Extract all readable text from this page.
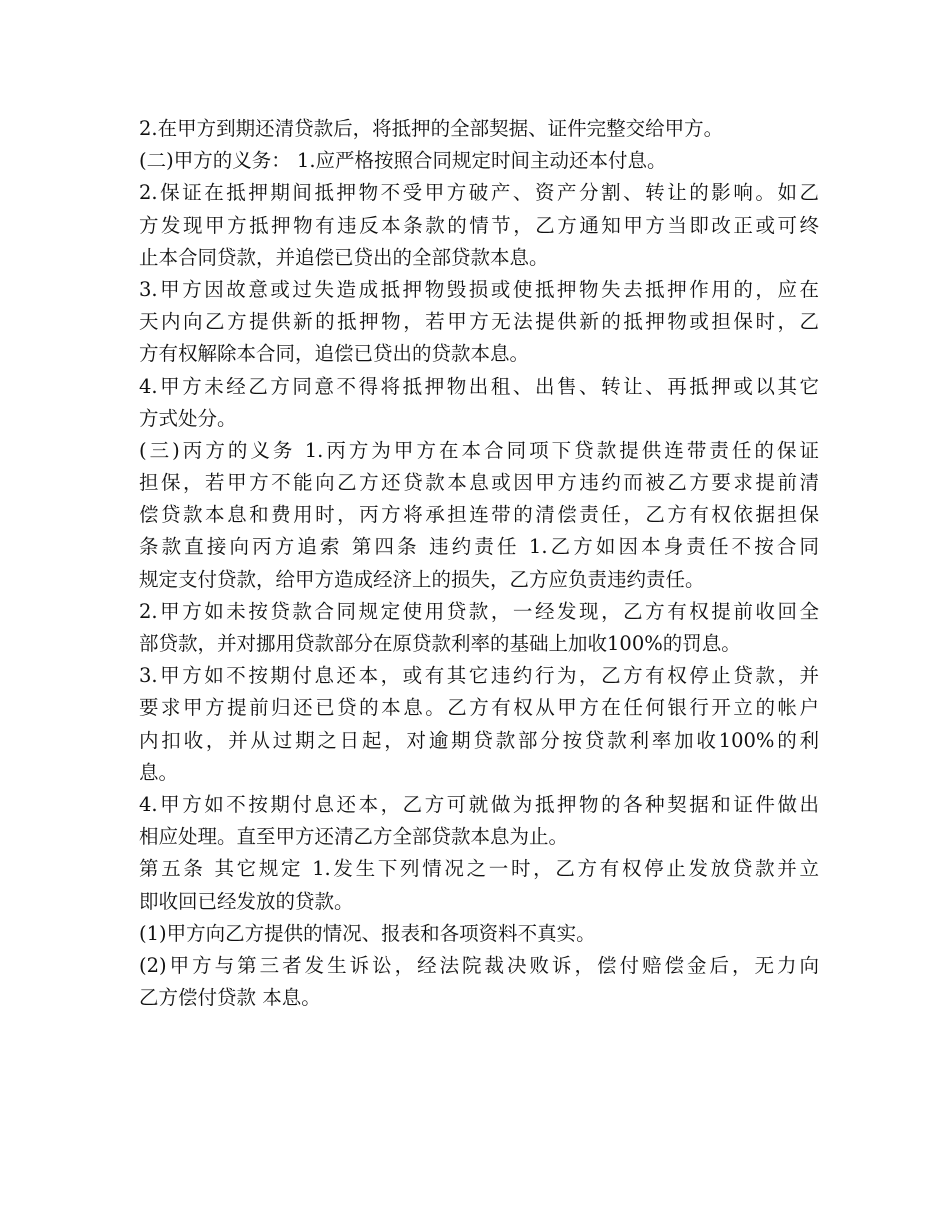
2.在甲方到期还清贷款后，将抵押的全部契据、证件完整交给甲方。
(二)甲方的义务： 1.应严格按照合同规定时间主动还本付息。
2.保证在抵押期间抵押物不受甲方破产、资产分割、转让的影响。如乙
方发现甲方抵押物有违反本条款的情节，乙方通知甲方当即改正或可终
止本合同贷款，并追偿已贷出的全部贷款本息。
3.甲方因故意或过失造成抵押物毁损或使抵押物失去抵押作用的，应在
天内向乙方提供新的抵押物，若甲方无法提供新的抵押物或担保时，乙
方有权解除本合同，追偿已贷出的贷款本息。
4.甲方未经乙方同意不得将抵押物出租、出售、转让、再抵押或以其它
方式处分。
(三)丙方的义务 1.丙方为甲方在本合同项下贷款提供连带责任的保证
担保，若甲方不能向乙方还贷款本息或因甲方违约而被乙方要求提前清
偿贷款本息和费用时，丙方将承担连带的清偿责任，乙方有权依据担保
条款直接向丙方追索 第四条 违约责任 1.乙方如因本身责任不按合同
规定支付贷款，给甲方造成经济上的损失，乙方应负责违约责任。
2.甲方如未按贷款合同规定使用贷款，一经发现，乙方有权提前收回全
部贷款，并对挪用贷款部分在原贷款利率的基础上加收100%的罚息。
3.甲方如不按期付息还本，或有其它违约行为，乙方有权停止贷款，并
要求甲方提前归还已贷的本息。乙方有权从甲方在任何银行开立的帐户
内扣收，并从过期之日起，对逾期贷款部分按贷款利率加收100%的利
息。
4.甲方如不按期付息还本，乙方可就做为抵押物的各种契据和证件做出
相应处理。直至甲方还清乙方全部贷款本息为止。
第五条 其它规定 1.发生下列情况之一时，乙方有权停止发放贷款并立
即收回已经发放的贷款。
(1)甲方向乙方提供的情况、报表和各项资料不真实。
(2)甲方与第三者发生诉讼，经法院裁决败诉，偿付赔偿金后，无力向
乙方偿付贷款 本息。
